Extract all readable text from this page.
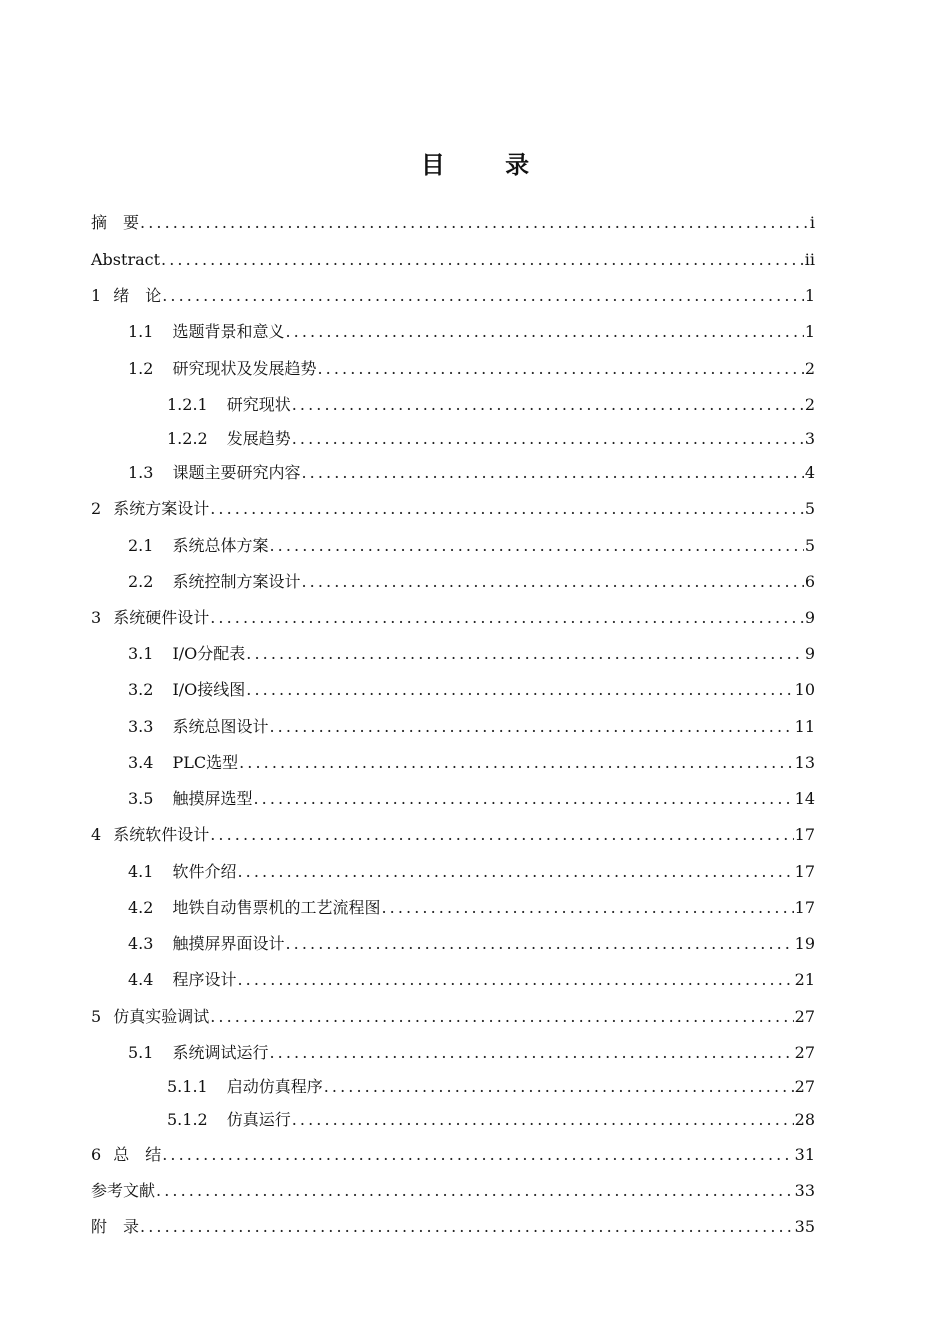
目 录
摘　要 .....	i
Abstract .....	ii
1 绪　论 .....	1
1.1 选题背景和意义 .....	1
1.2 研究现状及发展趋势 .....	2
1.2.1 研究现状 .....	2
1.2.2 发展趋势 .....	3
1.3 课题主要研究内容 .....	4
2 系统方案设计 .....	5
2.1 系统总体方案 .....	5
2.2 系统控制方案设计 .....	6
3 系统硬件设计 .....	9
3.1 I/O分配表 .....	9
3.2 I/O接线图 .....	10
3.3 系统总图设计 .....	11
3.4 PLC选型 .....	13
3.5 触摸屏选型 .....	14
4 系统软件设计 .....	17
4.1 软件介绍 .....	17
4.2 地铁自动售票机的工艺流程图 .....	17
4.3 触摸屏界面设计 .....	19
4.4 程序设计 .....	21
5 仿真实验调试 .....	27
5.1 系统调试运行 .....	27
5.1.1 启动仿真程序 .....	27
5.1.2 仿真运行 .....	28
6 总　结 .....	31
参考文献 .....	33
附　录 .....	35
